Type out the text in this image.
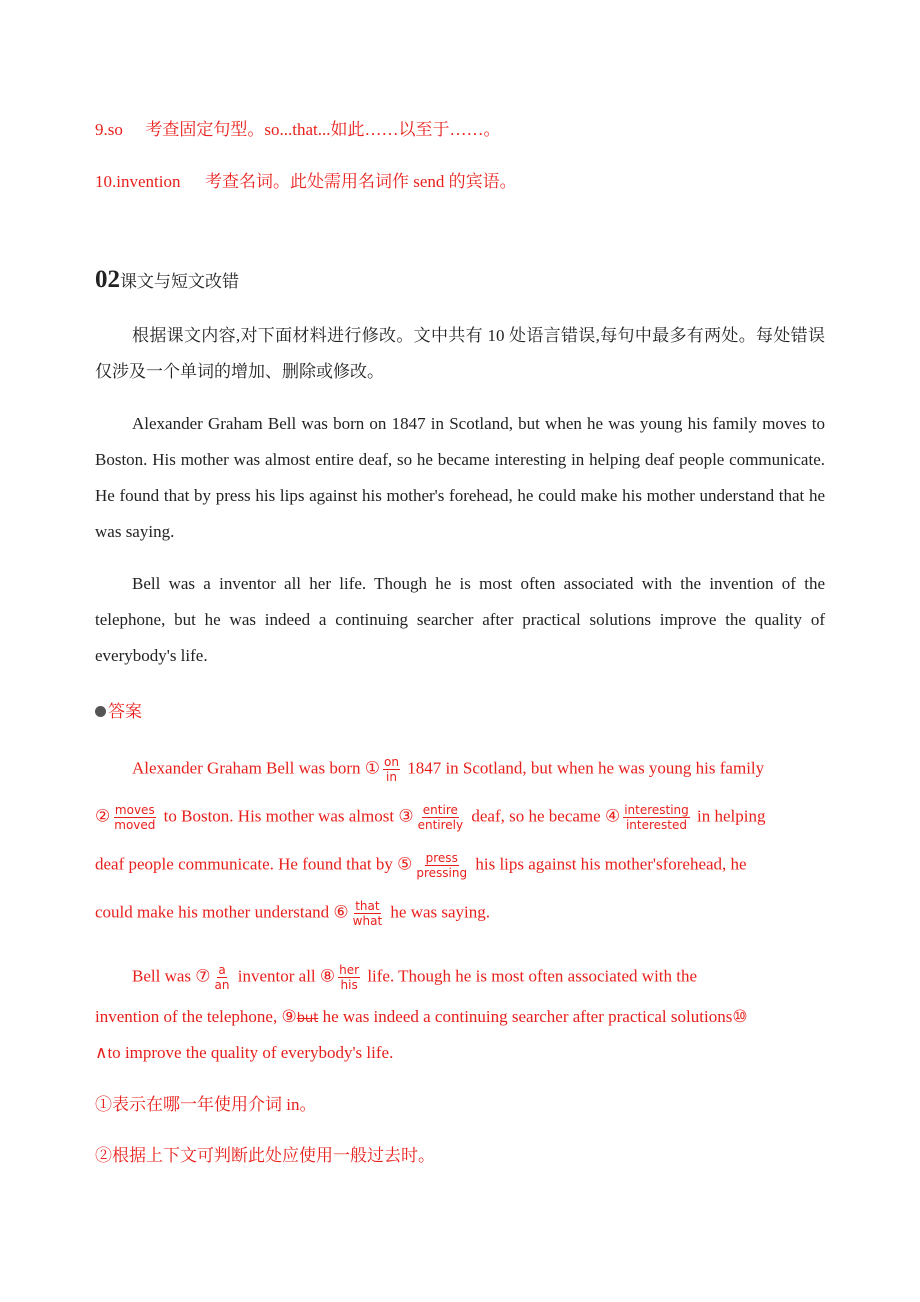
9.so 考查固定句型。so...that...如此……以至于……。
10.invention 考查名词。此处需用名词作 send 的宾语。
02课文与短文改错
根据课文内容,对下面材料进行修改。文中共有 10 处语言错误,每句中最多有两处。每处错误仅涉及一个单词的增加、删除或修改。
Alexander Graham Bell was born on 1847 in Scotland, but when he was young his family moves to Boston. His mother was almost entire deaf, so he became interesting in helping deaf people communicate. He found that by press his lips against his mother's forehead, he could make his mother understand that he was saying.
Bell was a inventor all her life. Though he is most often associated with the invention of the telephone, but he was indeed a continuing searcher after practical solutions improve the quality of everybody's life.
答案
Alexander Graham Bell was born ① $\frac{on}{in} 1847$ in Scotland, but when he was young his family
② $\frac{\text{moves}}{\text{moved}}$ to Boston. His mother was almost ③ $\frac{\text{entire}}{\text{entirely}}$ deaf, so he became ④ $\frac{\text{interesting}}{\text{interested}}$ in helping
deaf people communicate. He found that by ⑤ $\frac{\text{press}}{\text{pressing}}$ his lips against his mother'sforehead, he
could make his mother understand ⑥ $\frac{\text{that}}{\text{what}}$ he was saying.
Bell was ⑦ $\frac{a}{an}$ inventor all ⑧ $\frac{\text{her}}{\text{his}}$ life. Though he is most often associated with the
invention of the telephone, ⑨but he was indeed a continuing searcher after practical solutions⑩
∧to improve the quality of everybody's life.
①表示在哪一年使用介词 in。
②根据上下文可判断此处应使用一般过去时。
